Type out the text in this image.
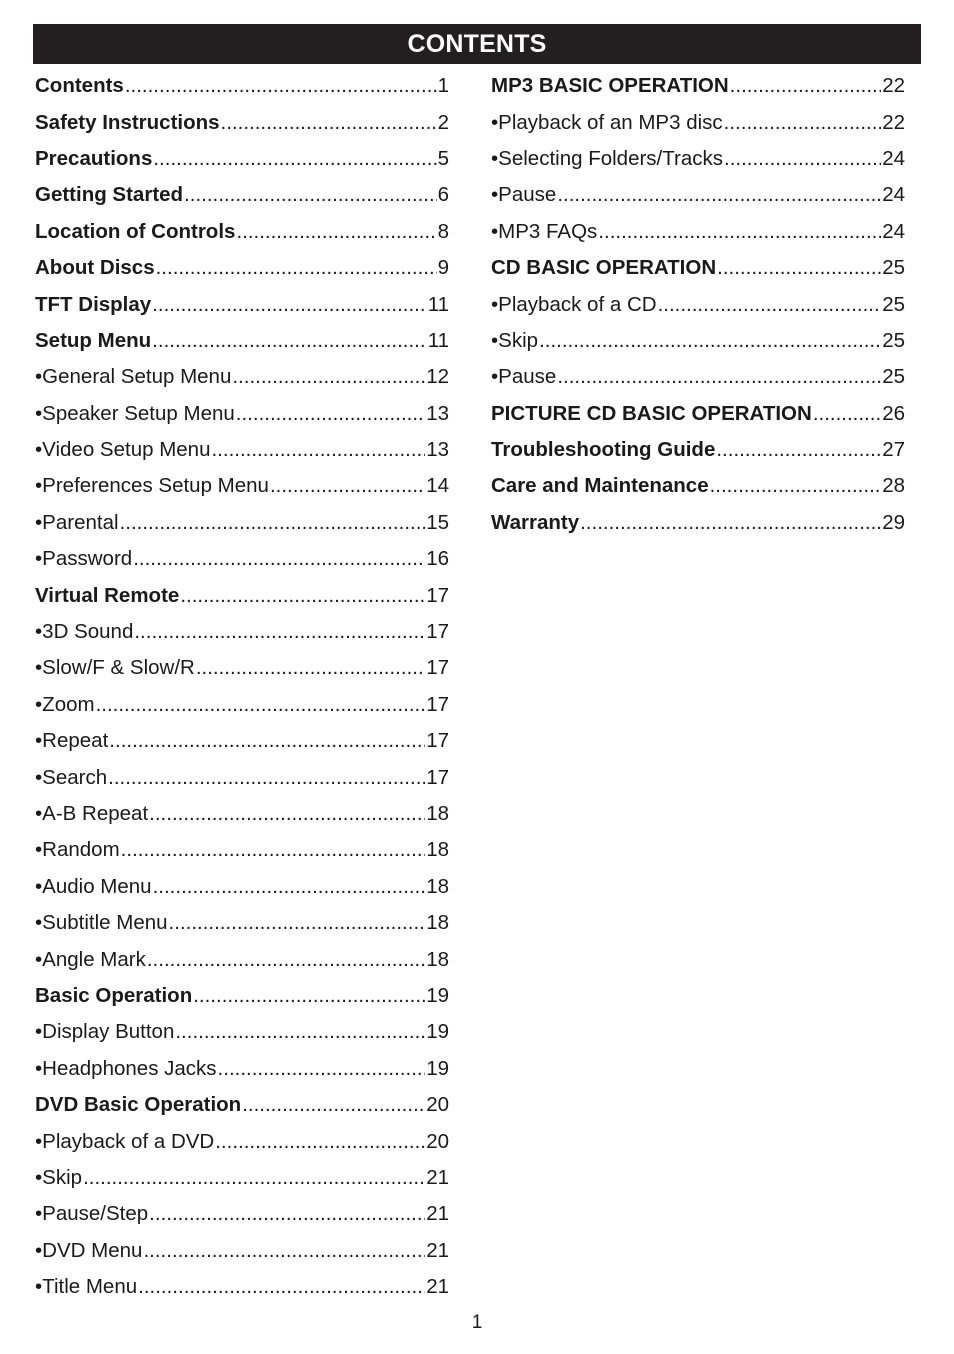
CONTENTS
Contents .....	1
Safety Instructions .....	2
Precautions .....	5
Getting Started .....	6
Location of Controls .....	8
About Discs .....	9
TFT Display .....	11
Setup Menu .....	11
•General Setup Menu .....	12
•Speaker Setup Menu .....	13
•Video Setup Menu .....	13
•Preferences Setup Menu .....	14
•Parental .....	15
•Password .....	16
Virtual Remote .....	17
•3D Sound .....	17
•Slow/F & Slow/R .....	17
•Zoom .....	17
•Repeat .....	17
•Search .....	17
•A-B Repeat .....	18
•Random .....	18
•Audio Menu .....	18
•Subtitle Menu .....	18
•Angle Mark .....	18
Basic Operation .....	19
•Display Button .....	19
•Headphones Jacks .....	19
DVD Basic Operation .....	20
•Playback of a DVD .....	20
•Skip .....	21
•Pause/Step .....	21
•DVD Menu .....	21
•Title Menu .....	21
MP3 BASIC OPERATION .....	22
•Playback of an MP3 disc .....	22
•Selecting Folders/Tracks .....	24
•Pause .....	24
•MP3 FAQs .....	24
CD BASIC OPERATION .....	25
•Playback of a CD .....	25
•Skip .....	25
•Pause .....	25
PICTURE CD BASIC OPERATION .....	26
Troubleshooting Guide .....	27
Care and Maintenance .....	28
Warranty .....	29
1
